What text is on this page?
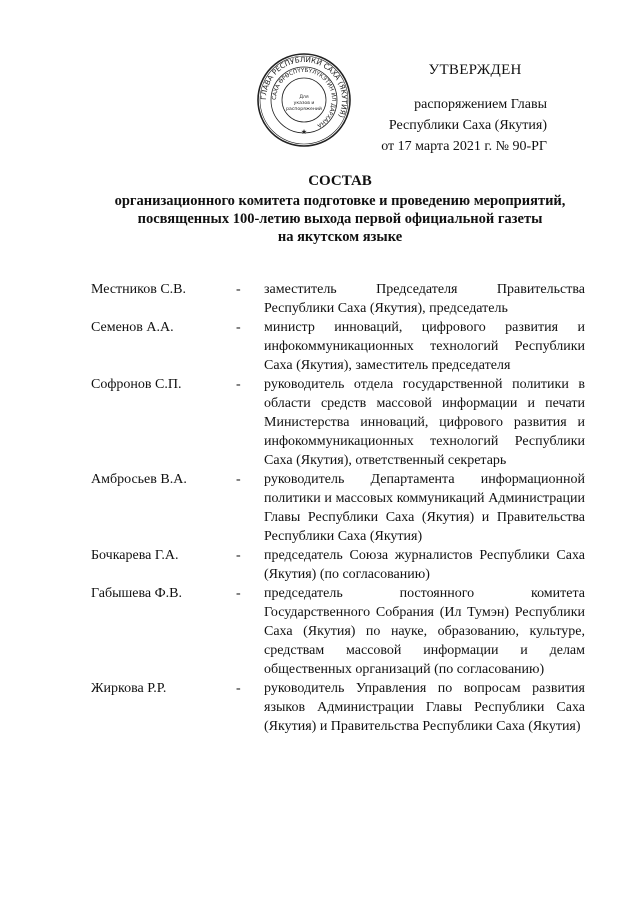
ГЛАВА РЕСПУБЛИКИ САХА (ЯКУТИЯ)
САХА ӨРӨСПҮҮБҮЛҮКЭТИН ИЛ ДАРХАНА
Для
указов и
распоряжений
★
УТВЕРЖДЕН
распоряжением Главы
Республики Саха (Якутия)
от 17 марта 2021 г. № 90-РГ
СОСТАВ
организационного комитета подготовке и проведению мероприятий,
посвященных 100-летию выхода первой официальной газеты
на якутском языке
Местников С.В.	-	заместитель Председателя Правительства Республики Саха (Якутия), председатель
Семенов А.А.	-	министр инноваций, цифрового развития и инфокоммуникационных технологий Республики Саха (Якутия), заместитель председателя
Софронов С.П.	-	руководитель отдела государственной политики в области средств массовой информации и печати Министерства инноваций, цифрового развития и инфокоммуникационных технологий Республики Саха (Якутия), ответственный секретарь
Амбросьев В.А.	-	руководитель Департамента информационной политики и массовых коммуникаций Администрации Главы Республики Саха (Якутия) и Правительства Республики Саха (Якутия)
Бочкарева Г.А.	-	председатель Союза журналистов Республики Саха (Якутия) (по согласованию)
Габышева Ф.В.	-	председатель постоянного комитета Государственного Собрания (Ил Тумэн) Республики Саха (Якутия) по науке, образованию, культуре, средствам массовой информации и делам общественных организаций (по согласованию)
Жиркова Р.Р.	-	руководитель Управления по вопросам развития языков Администрации Главы Республики Саха (Якутия) и Правительства Республики Саха (Якутия)
